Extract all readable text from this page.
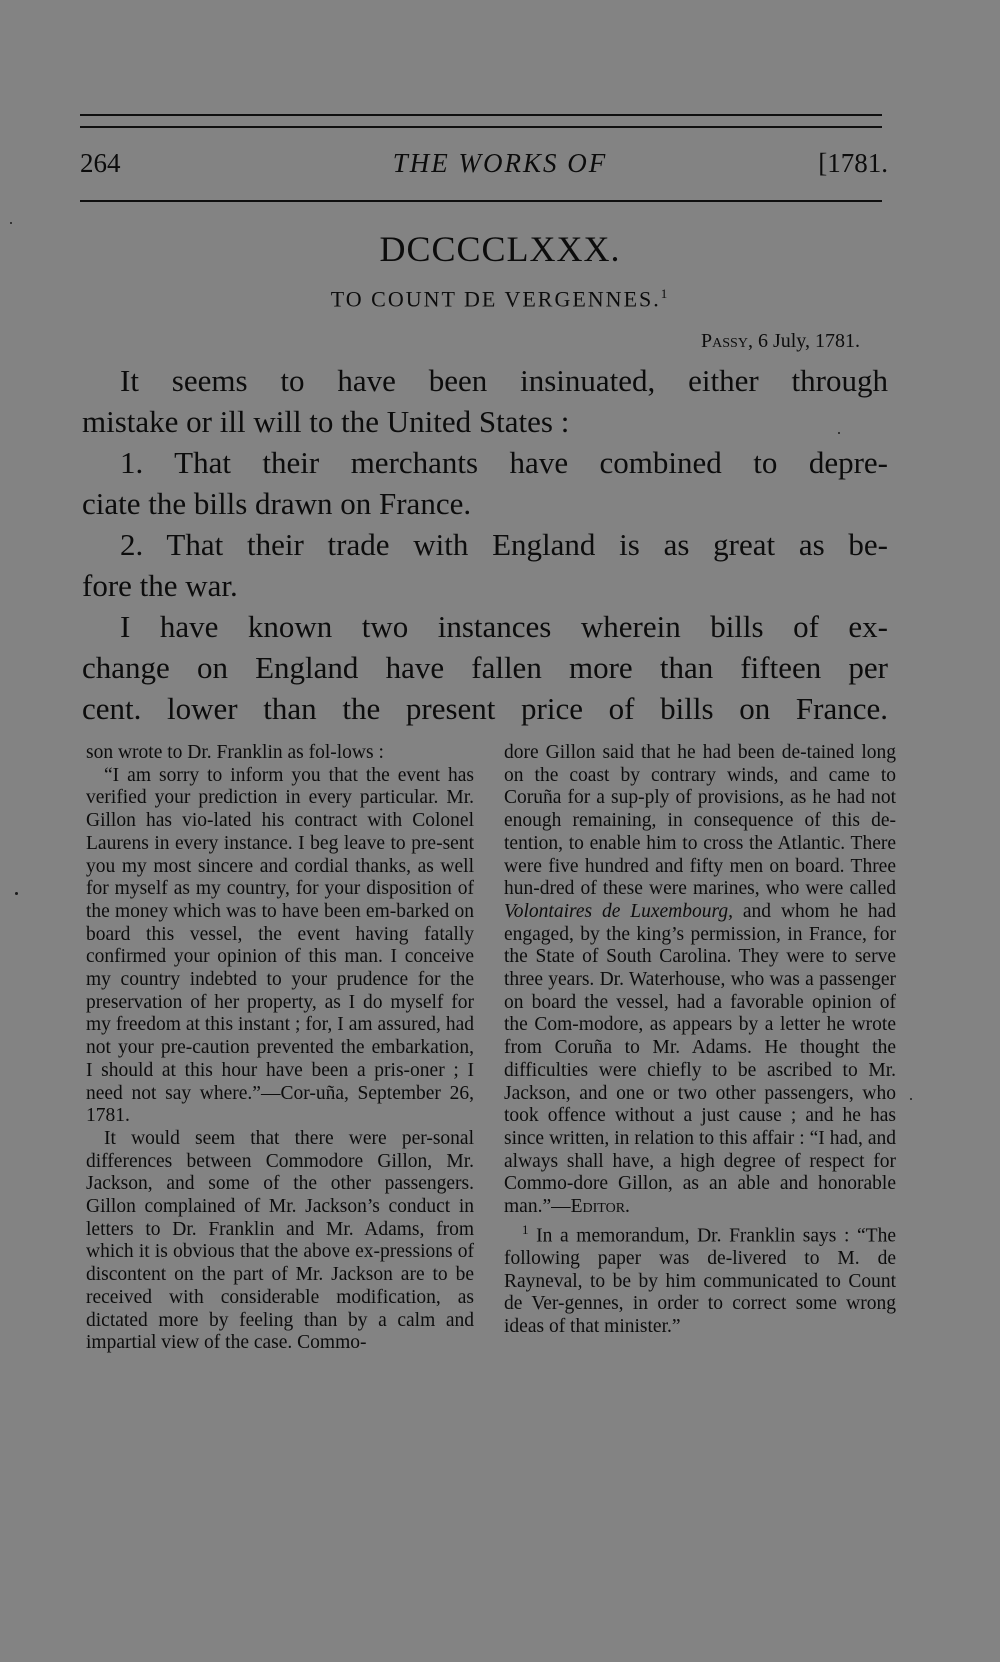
264	THE WORKS OF	[1781.
DCCCCLXXX.
TO COUNT DE VERGENNES.$^1$
Passy, 6 July, 1781.
It seems to have been insinuated, either through
mistake or ill will to the United States :
1. That their merchants have combined to depre-
ciate the bills drawn on France.
2. That their trade with England is as great as be-
fore the war.
I have known two instances wherein bills of ex-
change on England have fallen more than fifteen per
cent. lower than the present price of bills on France.

son wrote to Dr. Franklin as fol-lows :

“I am sorry to inform you that the event has verified your prediction in every particular. Mr. Gillon has vio-lated his contract with Colonel Laurens in every instance. I beg leave to pre-sent you my most sincere and cordial thanks, as well for myself as my country, for your disposition of the money which was to have been em-barked on board this vessel, the event having fatally confirmed your opinion of this man. I conceive my country indebted to your prudence for the preservation of her property, as I do myself for my freedom at this instant ; for, I am assured, had not your pre-caution prevented the embarkation, I should at this hour have been a pris-oner ; I need not say where.”—Cor-uña, September 26, 1781.

It would seem that there were per-sonal differences between Commodore Gillon, Mr. Jackson, and some of the other passengers. Gillon complained of Mr. Jackson’s conduct in letters to Dr. Franklin and Mr. Adams, from which it is obvious that the above ex-pressions of discontent on the part of Mr. Jackson are to be received with considerable modification, as dictated more by feeling than by a calm and impartial view of the case. Commo-

dore Gillon said that he had been de-tained long on the coast by contrary winds, and came to Coruña for a sup-ply of provisions, as he had not enough remaining, in consequence of this de-tention, to enable him to cross the Atlantic. There were five hundred and fifty men on board. Three hun-dred of these were marines, who were called Volontaires de Luxembourg, and whom he had engaged, by the king’s permission, in France, for the State of South Carolina. They were to serve three years. Dr. Waterhouse, who was a passenger on board the vessel, had a favorable opinion of the Com-modore, as appears by a letter he wrote from Coruña to Mr. Adams. He thought the difficulties were chiefly to be ascribed to Mr. Jackson, and one or two other passengers, who took offence without a just cause ; and he has since written, in relation to this affair : “I had, and always shall have, a high degree of respect for Commo-dore Gillon, as an able and honorable man.”—Editor.

$^1$ In a memorandum, Dr. Franklin says : “The following paper was de-livered to M. de Rayneval, to be by him communicated to Count de Ver-gennes, in order to correct some wrong ideas of that minister.”
